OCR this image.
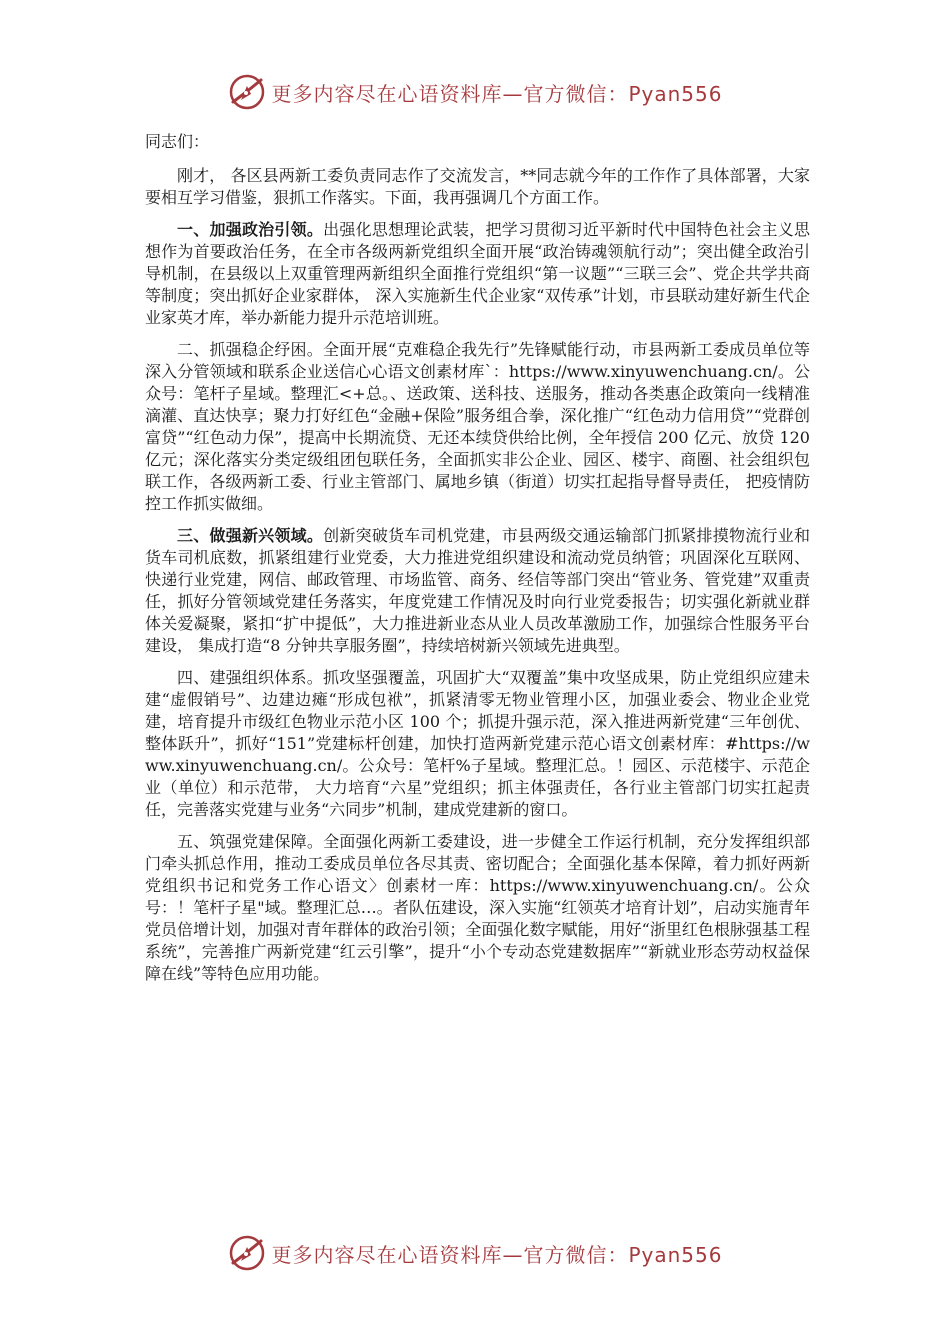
更多内容尽在心语资料库—官方微信：Pyan556

同志们：

刚才， 各区县两新工委负责同志作了交流发言，**同志就今年的工作作了具体部署，大家要相互学习借鉴，狠抓工作落实。下面，我再强调几个方面工作。

一、加强政治引领。出强化思想理论武装，把学习贯彻习近平新时代中国特色社会主义思想作为首要政治任务，在全市各级两新党组织全面开展“政治铸魂领航行动”；突出健全政治引导机制，在县级以上双重管理两新组织全面推行党组织“第一议题”“三联三会”、党企共学共商等制度；突出抓好企业家群体， 深入实施新生代企业家“双传承”计划，市县联动建好新生代企业家英才库，举办新能力提升示范培训班。

二、抓强稳企纾困。全面开展“克难稳企我先行”先锋赋能行动，市县两新工委成员单位等深入分管领域和联系企业送信心心语文创素材库`：https://www.xinyuwenchuang.cn/。公众号：笔杆子星域。整理汇<+总。、送政策、送科技、送服务，推动各类惠企政策向一线精准滴灌、直达快享；聚力打好红色“金融+保险”服务组合拳，深化推广“红色动力信用贷”“党群创富贷”“红色动力保”，提高中长期流贷、无还本续贷供给比例，全年授信 200 亿元、放贷 120 亿元；深化落实分类定级组团包联任务，全面抓实非公企业、园区、楼宇、商圈、社会组织包联工作，各级两新工委、行业主管部门、属地乡镇（街道）切实扛起指导督导责任， 把疫情防控工作抓实做细。

三、做强新兴领域。创新突破货车司机党建，市县两级交通运输部门抓紧排摸物流行业和货车司机底数，抓紧组建行业党委，大力推进党组织建设和流动党员纳管；巩固深化互联网、快递行业党建，网信、邮政管理、市场监管、商务、经信等部门突出“管业务、管党建”双重责任，抓好分管领域党建任务落实，年度党建工作情况及时向行业党委报告；切实强化新就业群体关爱凝聚，紧扣“扩中提低”，大力推进新业态从业人员改革激励工作，加强综合性服务平台建设， 集成打造“8 分钟共享服务圈”，持续培树新兴领域先进典型。

四、建强组织体系。抓攻坚强覆盖，巩固扩大“双覆盖”集中攻坚成果，防止党组织应建未建“虚假销号”、边建边瘫“形成包袱”，抓紧清零无物业管理小区，加强业委会、物业企业党建，培育提升市级红色物业示范小区 100 个；抓提升强示范，深入推进两新党建“三年创优、整体跃升”，抓好“151”党建标杆创建，加快打造两新党建示范心语文创素材库：#https://www.xinyuwenchuang.cn/。公众号：笔杆%子星域。整理汇总。！园区、示范楼宇、示范企业（单位）和示范带， 大力培育“六星”党组织；抓主体强责任，各行业主管部门切实扛起责任，完善落实党建与业务“六同步”机制，建成党建新的窗口。

五、筑强党建保障。全面强化两新工委建设，进一步健全工作运行机制，充分发挥组织部门牵头抓总作用，推动工委成员单位各尽其责、密切配合；全面强化基本保障，着力抓好两新党组织书记和党务工作心语文〉创素材一库：https://www.xinyuwenchuang.cn/。公众号：！笔杆子星"域。整理汇总…。者队伍建设，深入实施“红领英才培育计划”，启动实施青年党员倍增计划，加强对青年群体的政治引领；全面强化数字赋能，用好“浙里红色根脉强基工程系统”，完善推广两新党建“红云引擎”，提升“小个专动态党建数据库”“新就业形态劳动权益保障在线”等特色应用功能。

更多内容尽在心语资料库—官方微信：Pyan556
